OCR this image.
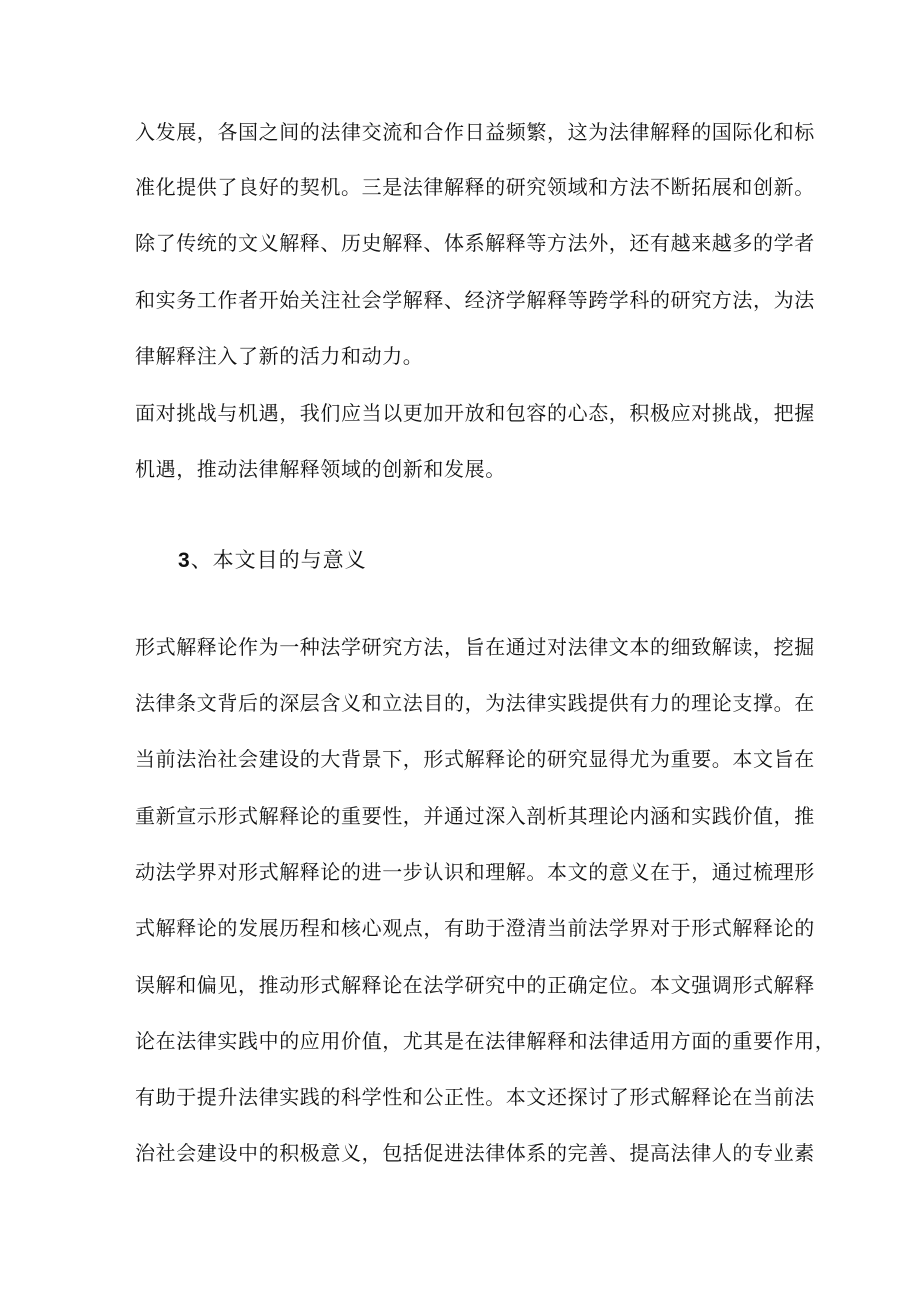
入发展，各国之间的法律交流和合作日益频繁，这为法律解释的国际化和标
准化提供了良好的契机。三是法律解释的研究领域和方法不断拓展和创新。
除了传统的文义解释、历史解释、体系解释等方法外，还有越来越多的学者
和实务工作者开始关注社会学解释、经济学解释等跨学科的研究方法，为法
律解释注入了新的活力和动力。
面对挑战与机遇，我们应当以更加开放和包容的心态，积极应对挑战，把握
机遇，推动法律解释领域的创新和发展。
3、本文目的与意义
形式解释论作为一种法学研究方法，旨在通过对法律文本的细致解读，挖掘
法律条文背后的深层含义和立法目的，为法律实践提供有力的理论支撑。在
当前法治社会建设的大背景下，形式解释论的研究显得尤为重要。本文旨在
重新宣示形式解释论的重要性，并通过深入剖析其理论内涵和实践价值，推
动法学界对形式解释论的进一步认识和理解。本文的意义在于，通过梳理形
式解释论的发展历程和核心观点，有助于澄清当前法学界对于形式解释论的
误解和偏见，推动形式解释论在法学研究中的正确定位。本文强调形式解释
论在法律实践中的应用价值，尤其是在法律解释和法律适用方面的重要作用，
有助于提升法律实践的科学性和公正性。本文还探讨了形式解释论在当前法
治社会建设中的积极意义，包括促进法律体系的完善、提高法律人的专业素
